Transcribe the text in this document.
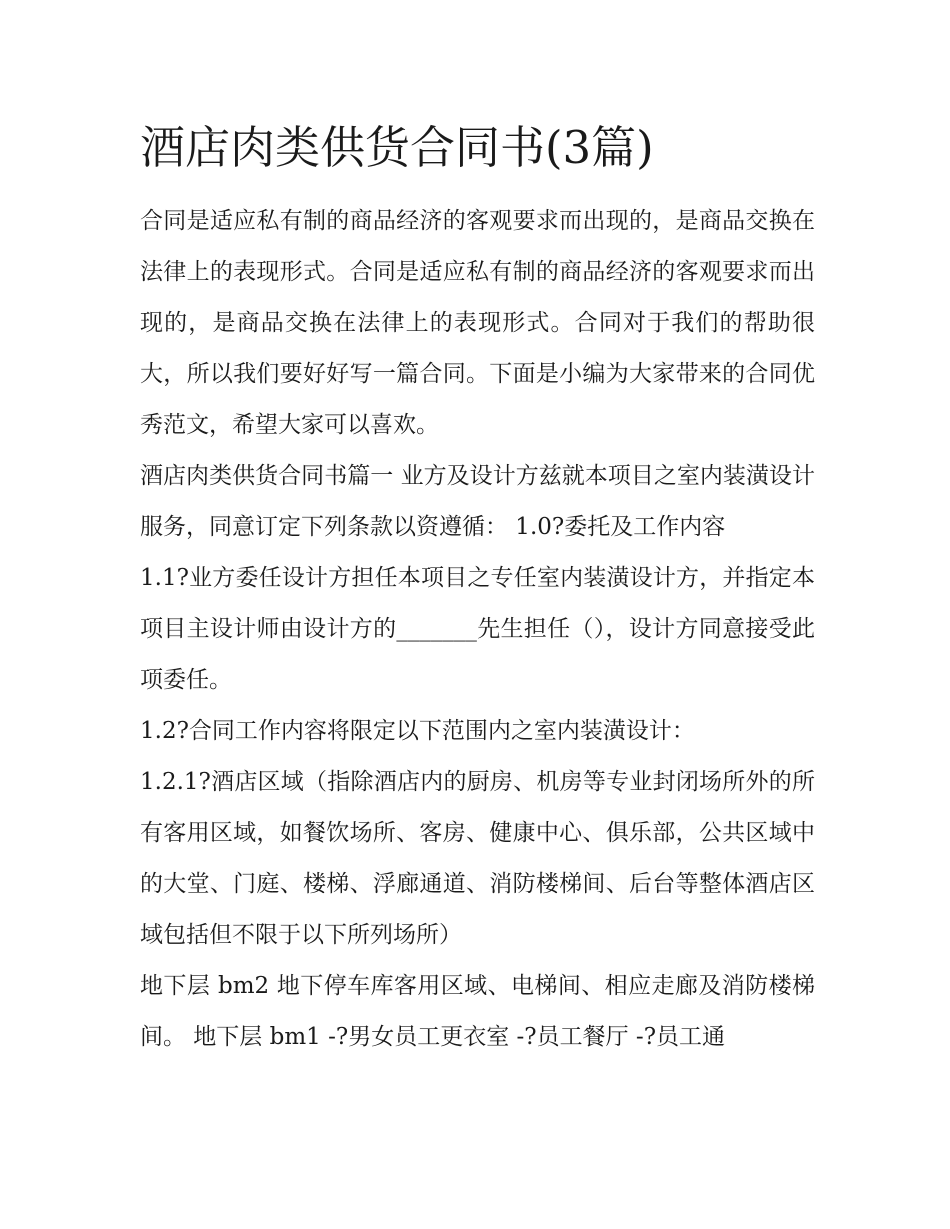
酒店肉类供货合同书(3篇)

合同是适应私有制的商品经济的客观要求而出现的，是商品交换在法律上的表现形式。合同是适应私有制的商品经济的客观要求而出现的，是商品交换在法律上的表现形式。合同对于我们的帮助很大，所以我们要好好写一篇合同。下面是小编为大家带来的合同优秀范文，希望大家可以喜欢。

酒店肉类供货合同书篇一 业方及设计方兹就本项目之室内装潢设计服务，同意订定下列条款以资遵循： 1.0?委托及工作内容

1.1?业方委任设计方担任本项目之专任室内装潢设计方，并指定本项目主设计师由设计方的_______先生担任（），设计方同意接受此项委任。

1.2?合同工作内容将限定以下范围内之室内装潢设计：

1.2.1?酒店区域（指除酒店内的厨房、机房等专业封闭场所外的所有客用区域，如餐饮场所、客房、健康中心、俱乐部，公共区域中的大堂、门庭、楼梯、浮廊通道、消防楼梯间、后台等整体酒店区域包括但不限于以下所列场所）

地下层 bm2 地下停车库客用区域、电梯间、相应走廊及消防楼梯间。 地下层 bm1 -?男女员工更衣室 -?员工餐厅 -?员工通
